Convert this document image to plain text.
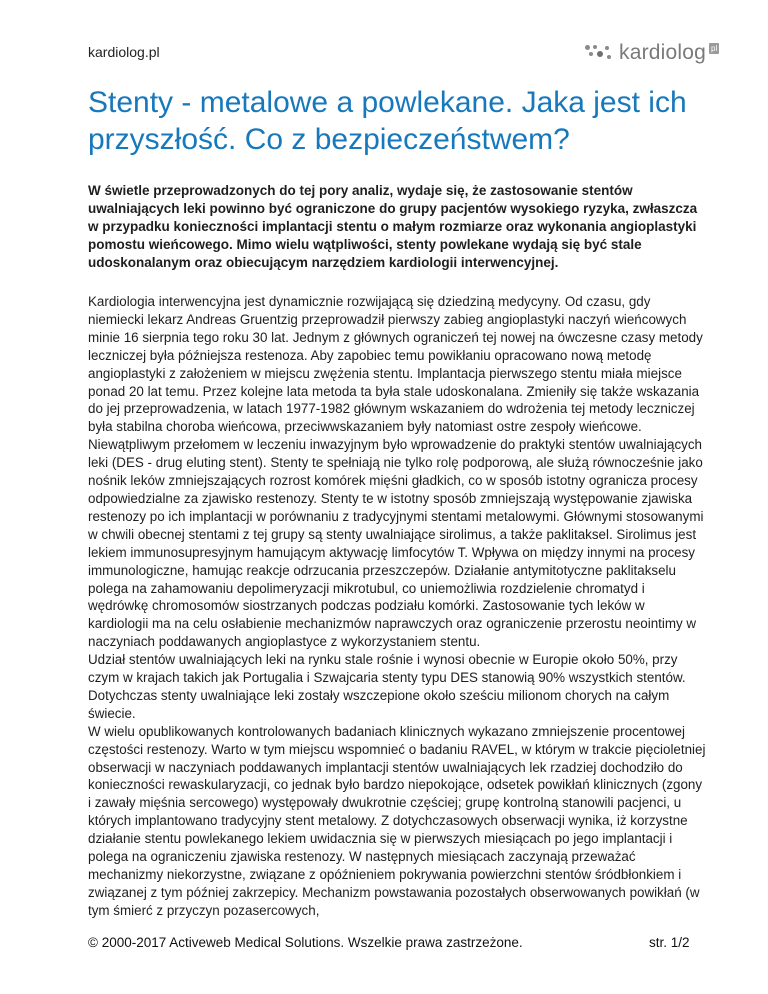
kardiolog.pl	kardiolog pl
Stenty - metalowe a powlekane. Jaka jest ich przyszłość. Co z bezpieczeństwem?

W świetle przeprowadzonych do tej pory analiz, wydaje się, że zastosowanie stentów uwalniających leki powinno być ograniczone do grupy pacjentów wysokiego ryzyka, zwłaszcza w przypadku konieczności implantacji stentu o małym rozmiarze oraz wykonania angioplastyki pomostu wieńcowego. Mimo wielu wątpliwości, stenty powlekane wydają się być stale udoskonalanym oraz obiecującym narzędziem kardiologii interwencyjnej.

Kardiologia interwencyjna jest dynamicznie rozwijającą się dziedziną medycyny. Od czasu, gdy niemiecki lekarz Andreas Gruentzig przeprowadził pierwszy zabieg angioplastyki naczyń wieńcowych minie 16 sierpnia tego roku 30 lat. Jednym z głównych ograniczeń tej nowej na ówczesne czasy metody leczniczej była późniejsza restenoza. Aby zapobiec temu powikłaniu opracowano nową metodę angioplastyki z założeniem w miejscu zwężenia stentu. Implantacja pierwszego stentu miała miejsce ponad 20 lat temu. Przez kolejne lata metoda ta była stale udoskonalana. Zmieniły się także wskazania do jej przeprowadzenia, w latach 1977-1982 głównym wskazaniem do wdrożenia tej metody leczniczej była stabilna choroba wieńcowa, przeciwwskazaniem były natomiast ostre zespoły wieńcowe.

Niewątpliwym przełomem w leczeniu inwazyjnym było wprowadzenie do praktyki stentów uwalniających leki (DES - drug eluting stent). Stenty te spełniają nie tylko rolę podporową, ale służą równocześnie jako nośnik leków zmniejszających rozrost komórek mięśni gładkich, co w sposób istotny ogranicza procesy odpowiedzialne za zjawisko restenozy. Stenty te w istotny sposób zmniejszają występowanie zjawiska restenozy po ich implantacji w porównaniu z tradycyjnymi stentami metalowymi. Głównymi stosowanymi w chwili obecnej stentami z tej grupy są stenty uwalniające sirolimus, a także paklitaksel. Sirolimus jest lekiem immunosupresyjnym hamującym aktywację limfocytów T. Wpływa on między innymi na procesy immunologiczne, hamując reakcje odrzucania przeszczepów. Działanie antymitotyczne paklitakselu polega na zahamowaniu depolimeryzacji mikrotubul, co uniemożliwia rozdzielenie chromatyd i wędrówkę chromosomów siostrzanych podczas podziału komórki. Zastosowanie tych leków w kardiologii ma na celu osłabienie mechanizmów naprawczych oraz ograniczenie przerostu neointimy w naczyniach poddawanych angioplastyce z wykorzystaniem stentu.

Udział stentów uwalniających leki na rynku stale rośnie i wynosi obecnie w Europie około 50%, przy czym w krajach takich jak Portugalia i Szwajcaria stenty typu DES stanowią 90% wszystkich stentów. Dotychczas stenty uwalniające leki zostały wszczepione około sześciu milionom chorych na całym świecie.

W wielu opublikowanych kontrolowanych badaniach klinicznych wykazano zmniejszenie procentowej częstości restenozy. Warto w tym miejscu wspomnieć o badaniu RAVEL, w którym w trakcie pięcioletniej obserwacji w naczyniach poddawanych implantacji stentów uwalniających lek rzadziej dochodziło do konieczności rewaskularyzacji, co jednak było bardzo niepokojące, odsetek powikłań klinicznych (zgony i zawały mięśnia sercowego) występowały dwukrotnie częściej; grupę kontrolną stanowili pacjenci, u których implantowano tradycyjny stent metalowy. Z dotychczasowych obserwacji wynika, iż korzystne działanie stentu powlekanego lekiem uwidacznia się w pierwszych miesiącach po jego implantacji i polega na ograniczeniu zjawiska restenozy. W następnych miesiącach zaczynają przeważać mechanizmy niekorzystne, związane z opóźnieniem pokrywania powierzchni stentów śródbłonkiem i związanej z tym później zakrzepicy. Mechanizm powstawania pozostałych obserwowanych powikłań (w tym śmierć z przyczyn pozasercowych,

© 2000-2017 Activeweb Medical Solutions. Wszelkie prawa zastrzeżone.	str. 1/2
